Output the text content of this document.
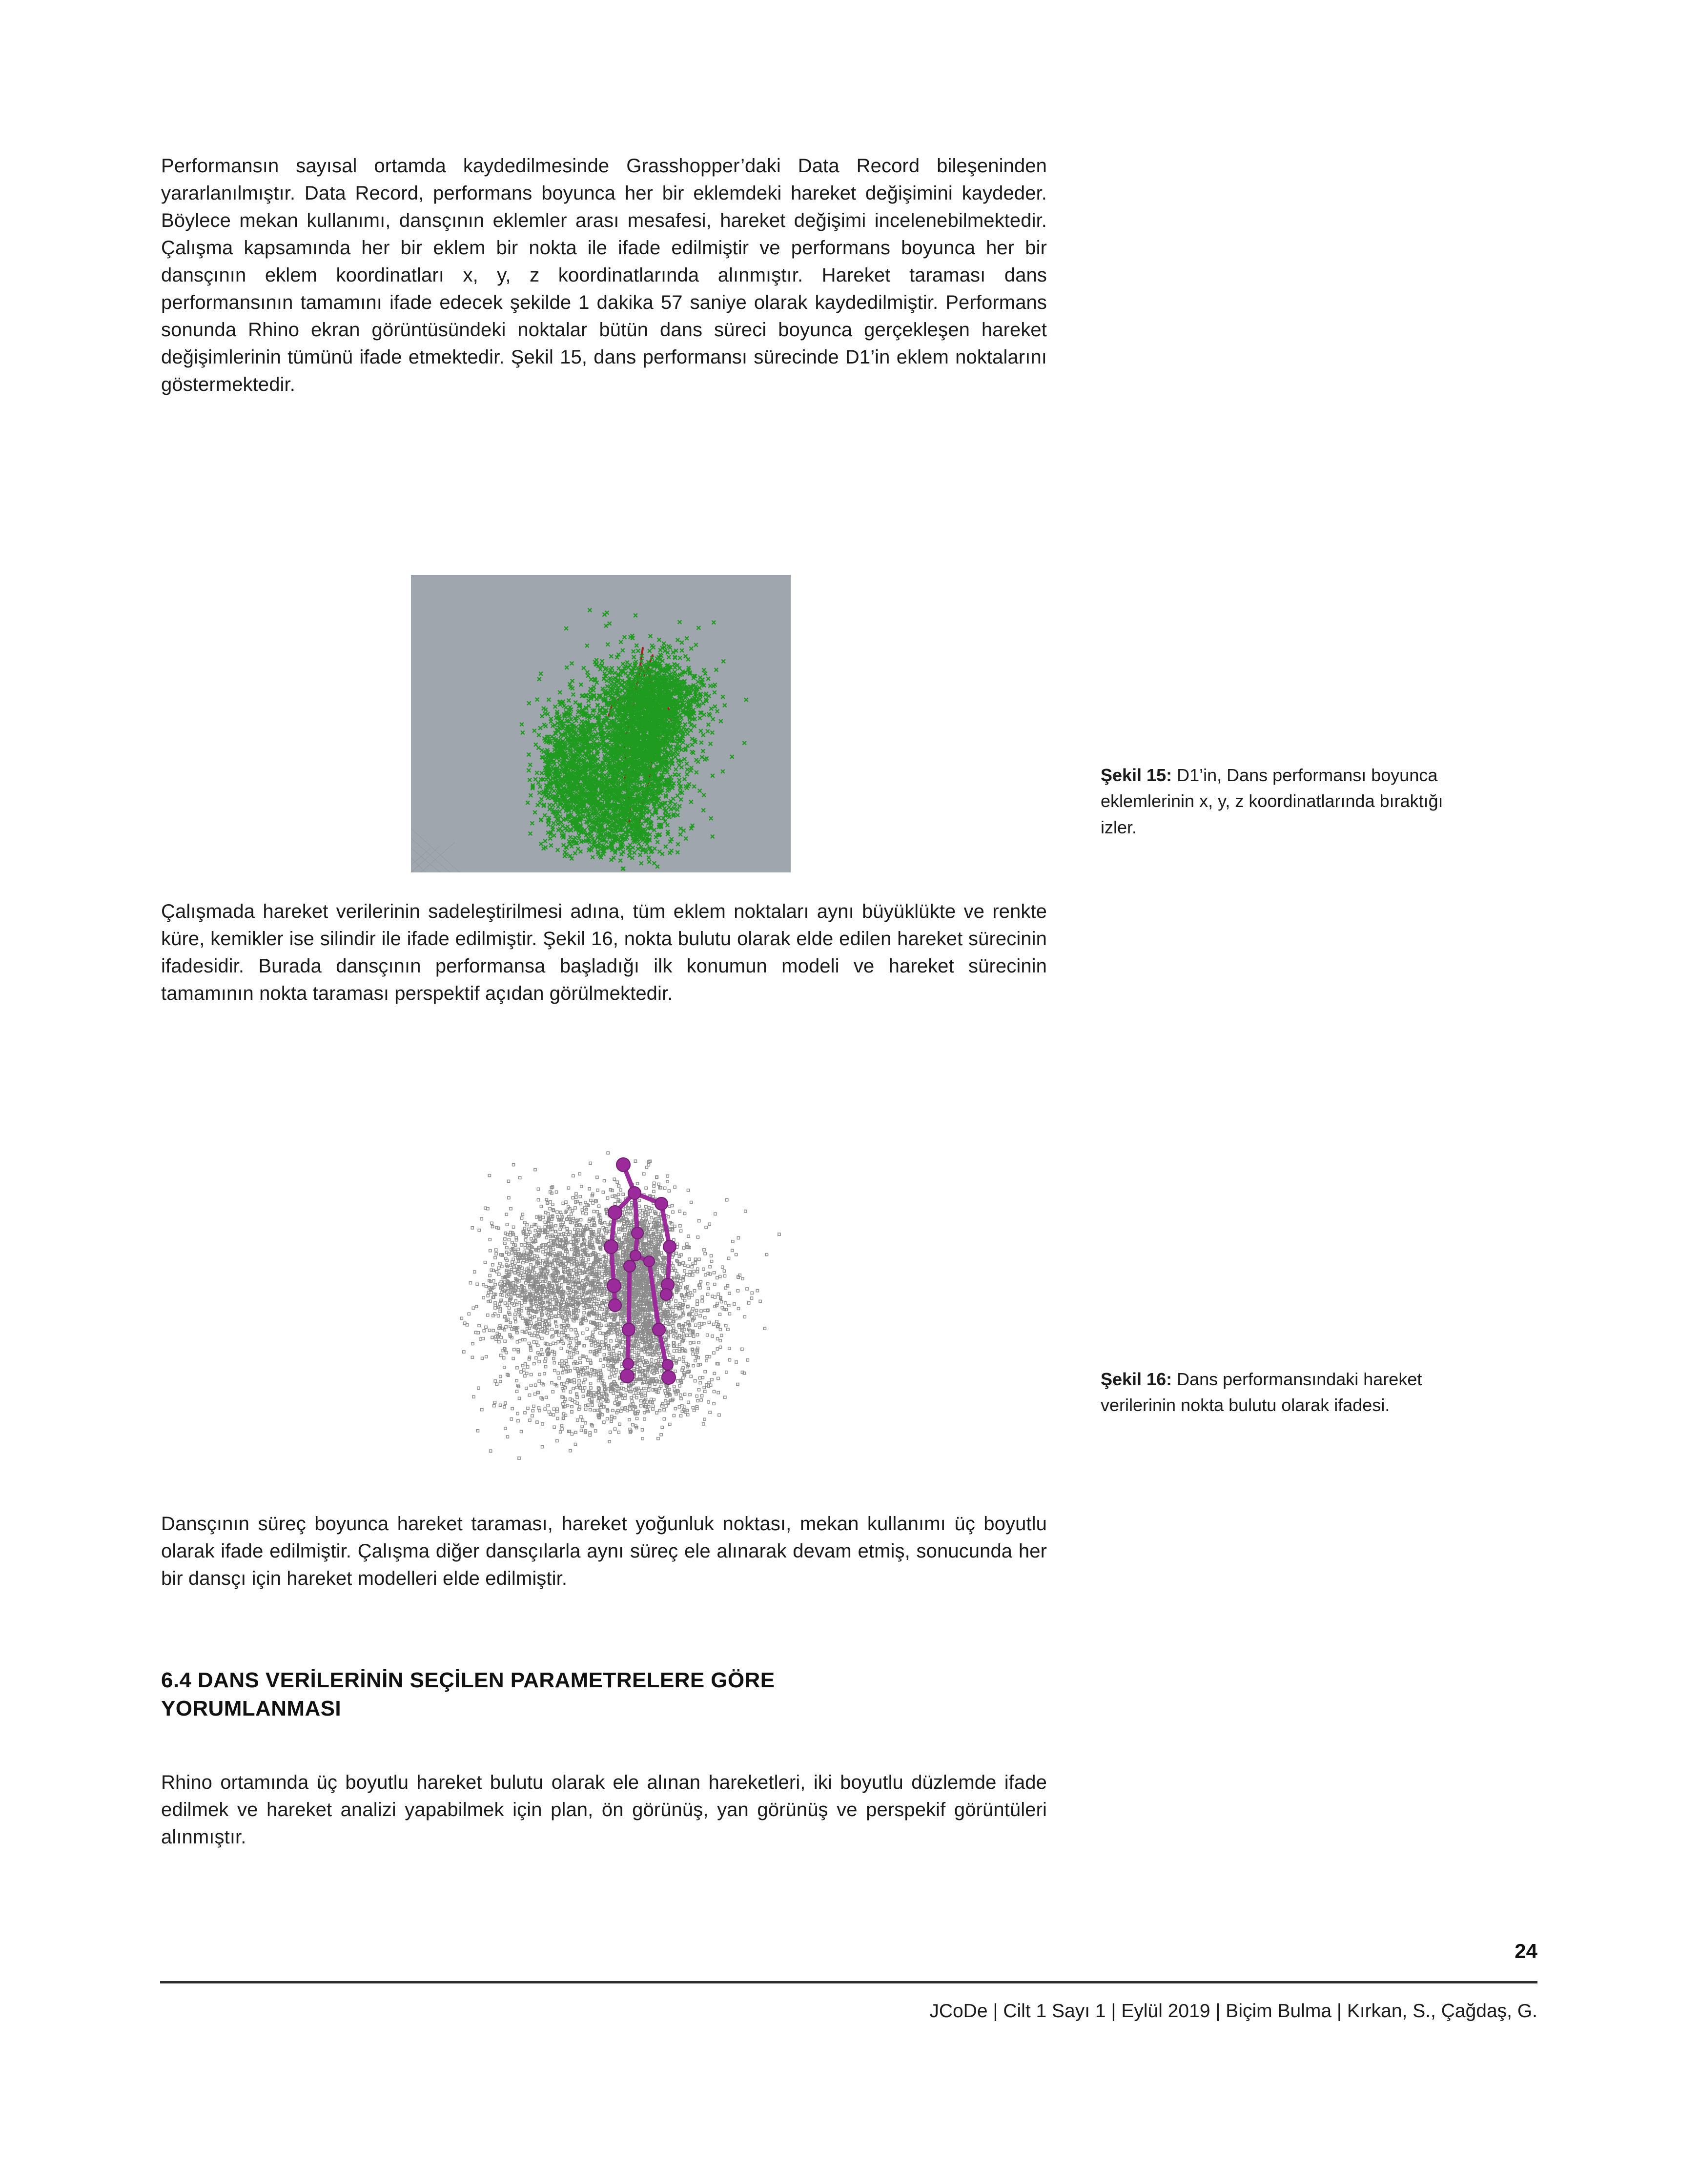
Performansın sayısal ortamda kaydedilmesinde Grasshopper’daki Data Record bileşeninden yararlanılmıştır. Data Record, performans boyunca her bir eklemdeki hareket değişimini kaydeder. Böylece mekan kullanımı, dansçının eklemler arası mesafesi, hareket değişimi incelenebilmektedir. Çalışma kapsamında her bir eklem bir nokta ile ifade edilmiştir ve performans boyunca her bir dansçının eklem koordinatları x, y, z koordinatlarında alınmıştır. Hareket taraması dans performansının tamamını ifade edecek şekilde 1 dakika 57 saniye olarak kaydedilmiştir. Performans sonunda Rhino ekran görüntüsündeki noktalar bütün dans süreci boyunca gerçekleşen hareket değişimlerinin tümünü ifade etmektedir. Şekil 15, dans performansı sürecinde D1’in eklem noktalarını göstermektedir.

Şekil 15: D1’in, Dans performansı boyunca eklemlerinin x, y, z koordinatlarında bıraktığı izler.

Çalışmada hareket verilerinin sadeleştirilmesi adına, tüm eklem noktaları aynı büyüklükte ve renkte küre, kemikler ise silindir ile ifade edilmiştir. Şekil 16, nokta bulutu olarak elde edilen hareket sürecinin ifadesidir. Burada dansçının performansa başladığı ilk konumun modeli ve hareket sürecinin tamamının nokta taraması perspektif açıdan görülmektedir.

Şekil 16: Dans performansındaki hareket verilerinin nokta bulutu olarak ifadesi.

Dansçının süreç boyunca hareket taraması, hareket yoğunluk noktası, mekan kullanımı üç boyutlu olarak ifade edilmiştir. Çalışma diğer dansçılarla aynı süreç ele alınarak devam etmiş, sonucunda her bir dansçı için hareket modelleri elde edilmiştir.

6.4 DANS VERİLERİNİN SEÇİLEN PARAMETRELERE GÖRE
YORUMLANMASI

Rhino ortamında üç boyutlu hareket bulutu olarak ele alınan hareketleri, iki boyutlu düzlemde ifade edilmek ve hareket analizi yapabilmek için plan, ön görünüş, yan görünüş ve perspekif görüntüleri alınmıştır.

24
JCoDe | Cilt 1 Sayı 1 | Eylül 2019 | Biçim Bulma | Kırkan, S., Çağdaş, G.
